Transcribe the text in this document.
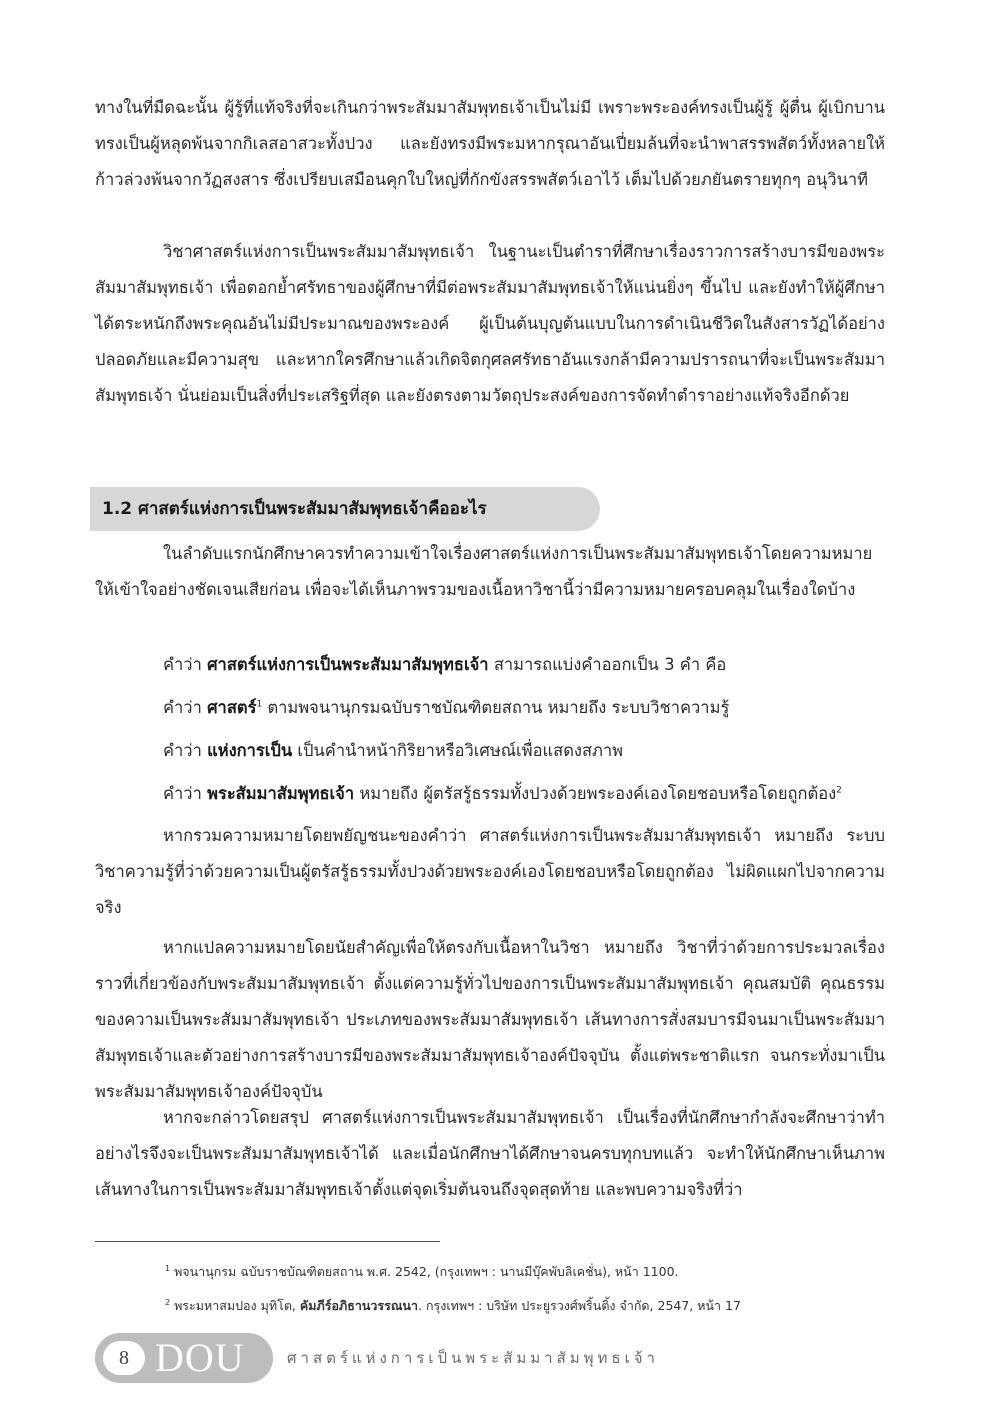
ทางในที่มืดฉะนั้น ผู้รู้ที่แท้จริงที่จะเกินกว่าพระสัมมาสัมพุทธเจ้าเป็นไม่มี เพราะพระองค์ทรงเป็นผู้รู้ ผู้ตื่น ผู้เบิกบาน ทรงเป็นผู้หลุดพ้นจากกิเลสอาสวะทั้งปวง และยังทรงมีพระมหากรุณาอันเปี่ยมล้นที่จะนำพาสรรพสัตว์ทั้งหลายให้ก้าวล่วงพ้นจากวัฏสงสาร ซึ่งเปรียบเสมือนคุกใบใหญ่ที่กักขังสรรพสัตว์เอาไว้ เต็มไปด้วยภยันตรายทุกๆ อนุวินาที

วิชาศาสตร์แห่งการเป็นพระสัมมาสัมพุทธเจ้า ในฐานะเป็นตำราที่ศึกษาเรื่องราวการสร้างบารมีของพระสัมมาสัมพุทธเจ้า เพื่อตอกย้ำศรัทธาของผู้ศึกษาที่มีต่อพระสัมมาสัมพุทธเจ้าให้แน่นยิ่งๆ ขึ้นไป และยังทำให้ผู้ศึกษาได้ตระหนักถึงพระคุณอันไม่มีประมาณของพระองค์ ผู้เป็นต้นบุญต้นแบบในการดำเนินชีวิตในสังสารวัฏได้อย่างปลอดภัยและมีความสุข และหากใครศึกษาแล้วเกิดจิตกุศลศรัทธาอันแรงกล้ามีความปรารถนาที่จะเป็นพระสัมมาสัมพุทธเจ้า นั่นย่อมเป็นสิ่งที่ประเสริฐที่สุด และยังตรงตามวัตถุประสงค์ของการจัดทำตำราอย่างแท้จริงอีกด้วย

1.2 ศาสตร์แห่งการเป็นพระสัมมาสัมพุทธเจ้าคืออะไร

ในลำดับแรกนักศึกษาควรทำความเข้าใจเรื่องศาสตร์แห่งการเป็นพระสัมมาสัมพุทธเจ้าโดยความหมายให้เข้าใจอย่างชัดเจนเสียก่อน เพื่อจะได้เห็นภาพรวมของเนื้อหาวิชานี้ว่ามีความหมายครอบคลุมในเรื่องใดบ้าง

คำว่า ศาสตร์แห่งการเป็นพระสัมมาสัมพุทธเจ้า สามารถแบ่งคำออกเป็น 3 คำ คือ

คำว่า ศาสตร์$^1$ ตามพจนานุกรมฉบับราชบัณฑิตยสถาน หมายถึง ระบบวิชาความรู้

คำว่า แห่งการเป็น เป็นคำนำหน้ากิริยาหรือวิเศษณ์เพื่อแสดงสภาพ

คำว่า พระสัมมาสัมพุทธเจ้า หมายถึง ผู้ตรัสรู้ธรรมทั้งปวงด้วยพระองค์เองโดยชอบหรือโดยถูกต้อง$^2$

หากรวมความหมายโดยพยัญชนะของคำว่า ศาสตร์แห่งการเป็นพระสัมมาสัมพุทธเจ้า หมายถึง ระบบวิชาความรู้ที่ว่าด้วยความเป็นผู้ตรัสรู้ธรรมทั้งปวงด้วยพระองค์เองโดยชอบหรือโดยถูกต้อง ไม่ผิดแผกไปจากความจริง

หากแปลความหมายโดยนัยสำคัญเพื่อให้ตรงกับเนื้อหาในวิชา หมายถึง วิชาที่ว่าด้วยการประมวลเรื่องราวที่เกี่ยวข้องกับพระสัมมาสัมพุทธเจ้า ตั้งแต่ความรู้ทั่วไปของการเป็นพระสัมมาสัมพุทธเจ้า คุณสมบัติ คุณธรรมของความเป็นพระสัมมาสัมพุทธเจ้า ประเภทของพระสัมมาสัมพุทธเจ้า เส้นทางการสั่งสมบารมีจนมาเป็นพระสัมมาสัมพุทธเจ้าและตัวอย่างการสร้างบารมีของพระสัมมาสัมพุทธเจ้าองค์ปัจจุบัน ตั้งแต่พระชาติแรก จนกระทั่งมาเป็นพระสัมมาสัมพุทธเจ้าองค์ปัจจุบัน

หากจะกล่าวโดยสรุป ศาสตร์แห่งการเป็นพระสัมมาสัมพุทธเจ้า เป็นเรื่องที่นักศึกษากำลังจะศึกษาว่าทำอย่างไรจึงจะเป็นพระสัมมาสัมพุทธเจ้าได้ และเมื่อนักศึกษาได้ศึกษาจนครบทุกบทแล้ว จะทำให้นักศึกษาเห็นภาพเส้นทางในการเป็นพระสัมมาสัมพุทธเจ้าตั้งแต่จุดเริ่มต้นจนถึงจุดสุดท้าย และพบความจริงที่ว่า

$^1$ พจนานุกรม ฉบับราชบัณฑิตยสถาน พ.ศ. 2542, (กรุงเทพฯ : นานมีบุ๊คพับลิเคชั่น), หน้า 1100.
$^2$ พระมหาสมปอง มุทิโต, คัมภีร์อภิธานวรรณนา. กรุงเทพฯ : บริษัท ประยูรวงศ์พริ้นติ้ง จำกัด, 2547, หน้า 17
8 DOU	ศาสตร์แห่งการเป็นพระสัมมาสัมพุทธเจ้า
